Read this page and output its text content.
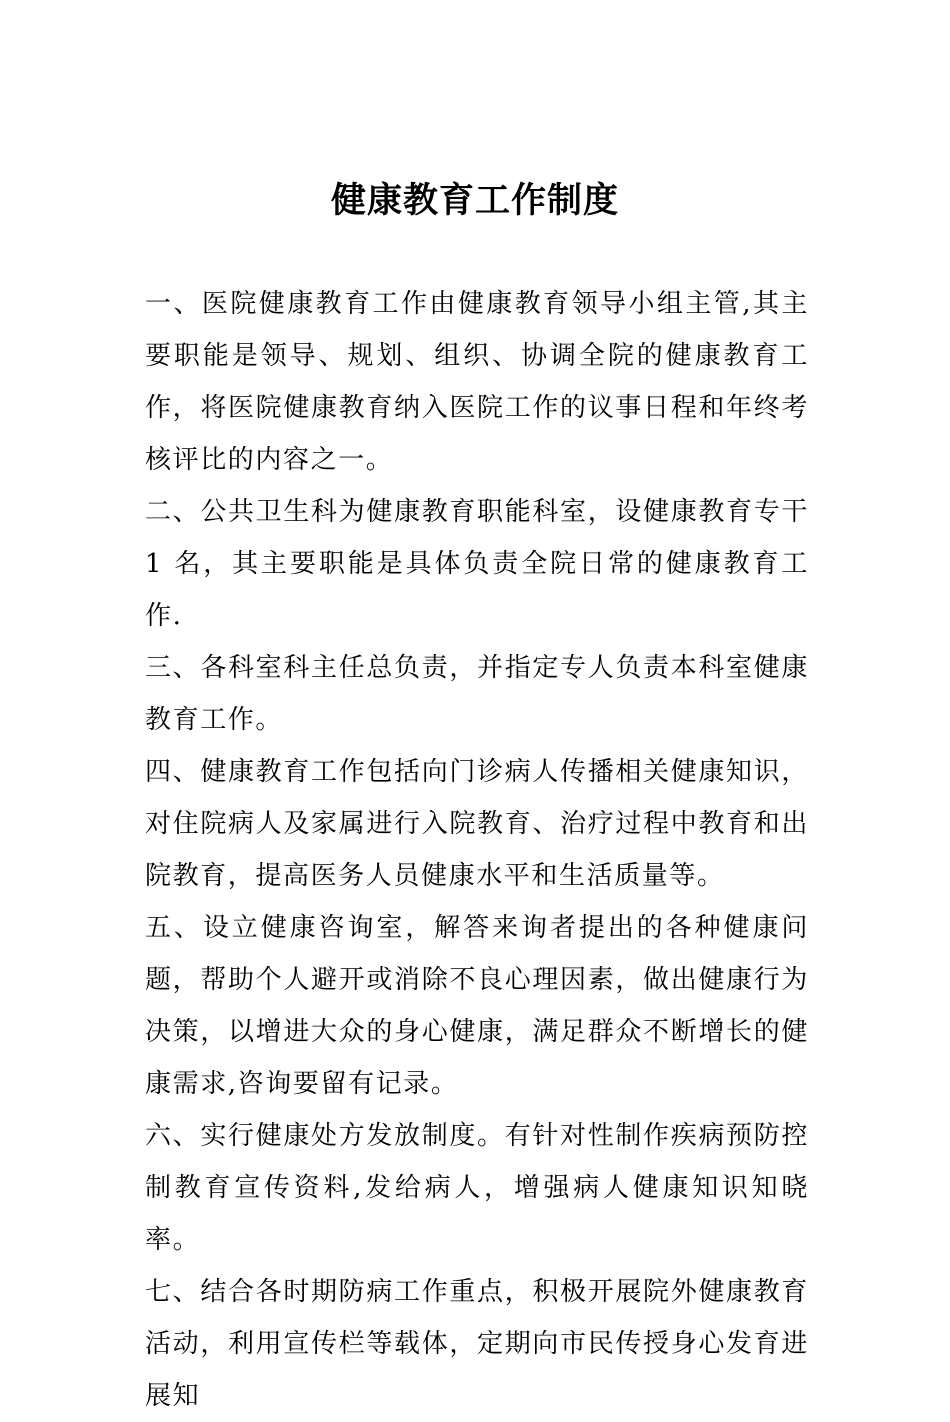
健康教育工作制度

一、医院健康教育工作由健康教育领导小组主管,其主要职能是领导、规划、组织、协调全院的健康教育工作，将医院健康教育纳入医院工作的议事日程和年终考核评比的内容之一。

二、公共卫生科为健康教育职能科室，设健康教育专干 1 名，其主要职能是具体负责全院日常的健康教育工作.

三、各科室科主任总负责，并指定专人负责本科室健康教育工作。

四、健康教育工作包括向门诊病人传播相关健康知识，对住院病人及家属进行入院教育、治疗过程中教育和出院教育，提高医务人员健康水平和生活质量等。

五、设立健康咨询室，解答来询者提出的各种健康问题，帮助个人避开或消除不良心理因素，做出健康行为决策，以增进大众的身心健康，满足群众不断增长的健康需求,咨询要留有记录。

六、实行健康处方发放制度。有针对性制作疾病预防控制教育宣传资料,发给病人，增强病人健康知识知晓率。

七、结合各时期防病工作重点，积极开展院外健康教育活动，利用宣传栏等载体，定期向市民传授身心发育进展知
